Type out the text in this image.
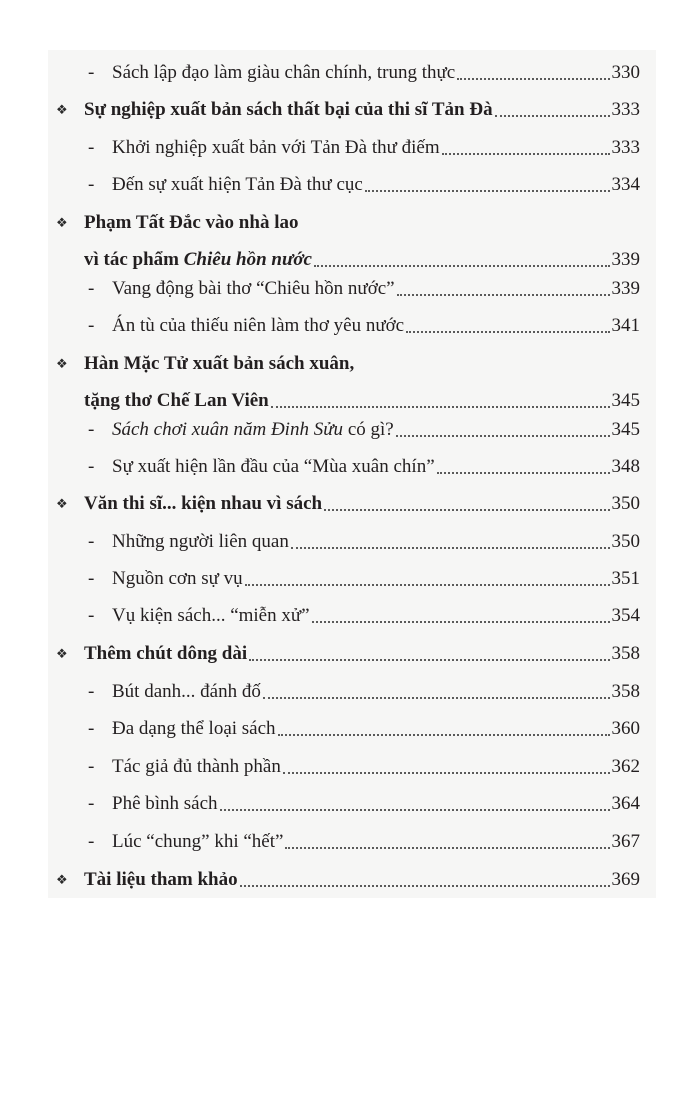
- Sách lập đạo làm giàu chân chính, trung thực	330
❖ Sự nghiệp xuất bản sách thất bại của thi sĩ Tản Đà	333
- Khởi nghiệp xuất bản với Tản Đà thư điếm	333
- Đến sự xuất hiện Tản Đà thư cục	334
❖ Phạm Tất Đắc vào nhà lao
vì tác phẩm Chiêu hồn nước	339
- Vang động bài thơ “Chiêu hồn nước”	339
- Án tù của thiếu niên làm thơ yêu nước	341
❖ Hàn Mặc Tử xuất bản sách xuân,
tặng thơ Chế Lan Viên	345
- Sách chơi xuân năm Đinh Sửu có gì?	345
- Sự xuất hiện lần đầu của “Mùa xuân chín”	348
❖ Văn thi sĩ... kiện nhau vì sách	350
- Những người liên quan	350
- Nguồn cơn sự vụ	351
- Vụ kiện sách... “miễn xử”	354
❖ Thêm chút dông dài	358
- Bút danh... đánh đố	358
- Đa dạng thể loại sách	360
- Tác giả đủ thành phần	362
- Phê bình sách	364
- Lúc “chung” khi “hết”	367
❖ Tài liệu tham khảo	369
